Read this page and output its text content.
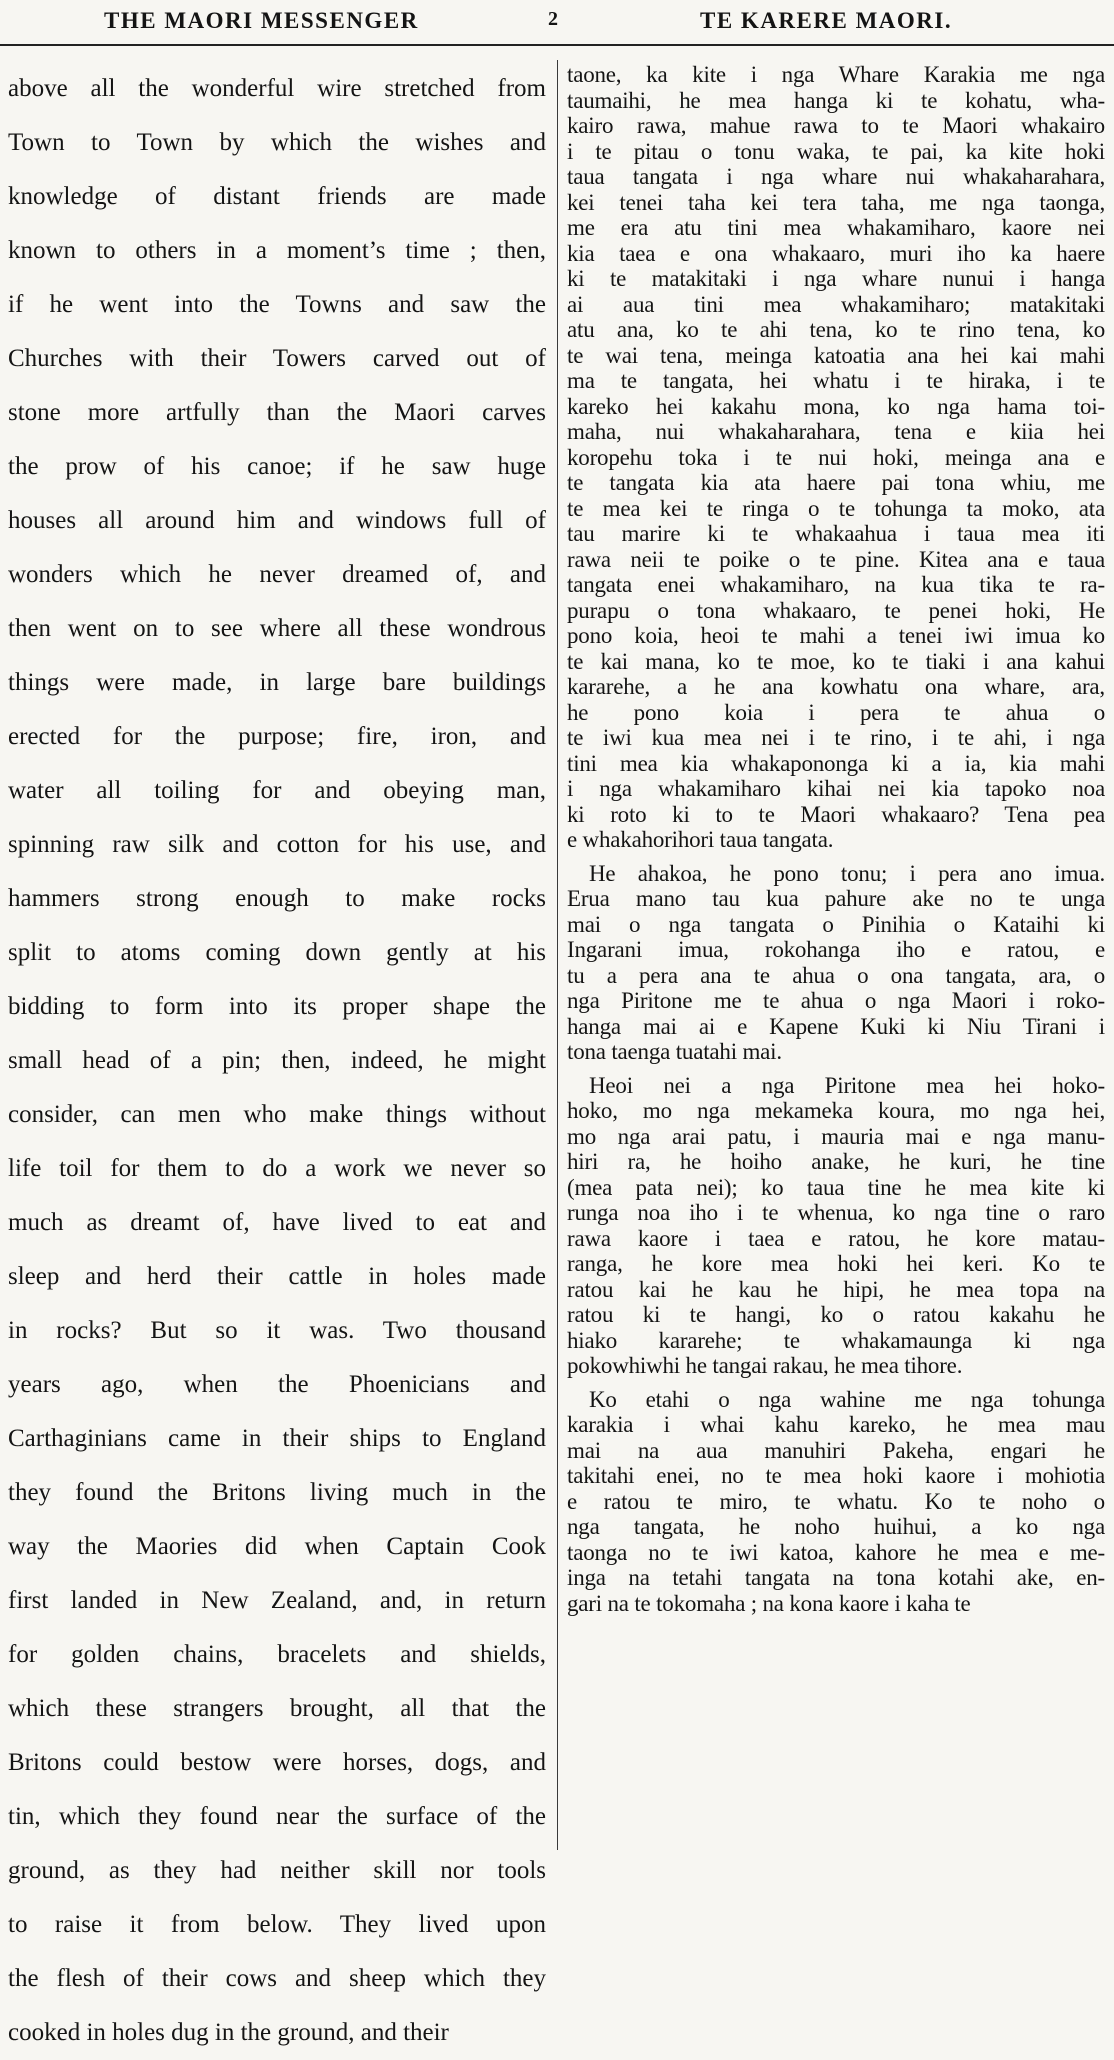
THE MAORI MESSENGER	2	TE KARERE MAORI.
above all the wonderful wire stretched from
Town to Town by which the wishes and
knowledge of distant friends are made
known to others in a moment’s time ; then,
if he went into the Towns and saw the
Churches with their Towers carved out of
stone more artfully than the Maori carves
the prow of his canoe; if he saw huge
houses all around him and windows full of
wonders which he never dreamed of, and
then went on to see where all these wondrous
things were made, in large bare buildings
erected for the purpose; fire, iron, and
water all toiling for and obeying man,
spinning raw silk and cotton for his use, and
hammers strong enough to make rocks
split to atoms coming down gently at his
bidding to form into its proper shape the
small head of a pin; then, indeed, he might
consider, can men who make things without
life toil for them to do a work we never so
much as dreamt of, have lived to eat and
sleep and herd their cattle in holes made
in rocks? But so it was. Two thousand
years ago, when the Phoenicians and
Carthaginians came in their ships to England
they found the Britons living much in the
way the Maories did when Captain Cook
first landed in New Zealand, and, in return
for golden chains, bracelets and shields,
which these strangers brought, all that the
Britons could bestow were horses, dogs, and
tin, which they found near the surface of the
ground, as they had neither skill nor tools
to raise it from below. They lived upon
the flesh of their cows and sheep which they
cooked in holes dug in the ground, and their
taone, ka kite i nga Whare Karakia me nga
taumaihi, he mea hanga ki te kohatu, wha-
kairo rawa, mahue rawa to te Maori whakairo
i te pitau o tonu waka, te pai, ka kite hoki
taua tangata i nga whare nui whakaharahara,
kei tenei taha kei tera taha, me nga taonga,
me era atu tini mea whakamiharo, kaore nei
kia taea e ona whakaaro, muri iho ka haere
ki te matakitaki i nga whare nunui i hanga
ai aua tini mea whakamiharo; matakitaki
atu ana, ko te ahi tena, ko te rino tena, ko
te wai tena, meinga katoatia ana hei kai mahi
ma te tangata, hei whatu i te hiraka, i te
kareko hei kakahu mona, ko nga hama toi-
maha, nui whakaharahara, tena e kiia hei
koropehu toka i te nui hoki, meinga ana e
te tangata kia ata haere pai tona whiu, me
te mea kei te ringa o te tohunga ta moko, ata
tau marire ki te whakaahua i taua mea iti
rawa neii te poike o te pine. Kitea ana e taua
tangata enei whakamiharo, na kua tika te ra-
purapu o tona whakaaro, te penei hoki, He
pono koia, heoi te mahi a tenei iwi imua ko
te kai mana, ko te moe, ko te tiaki i ana kahui
kararehe, a he ana kowhatu ona whare, ara,
he pono koia i pera te ahua o
te iwi kua mea nei i te rino, i te ahi, i nga
tini mea kia whakapononga ki a ia, kia mahi
i nga whakamiharo kihai nei kia tapoko noa
ki roto ki to te Maori whakaaro? Tena pea
e whakahorihori taua tangata.
He ahakoa, he pono tonu; i pera ano imua.
Erua mano tau kua pahure ake no te unga
mai o nga tangata o Pinihia o Kataihi ki
Ingarani imua, rokohanga iho e ratou, e
tu a pera ana te ahua o ona tangata, ara, o
nga Piritone me te ahua o nga Maori i roko-
hanga mai ai e Kapene Kuki ki Niu Tirani i
tona taenga tuatahi mai.
Heoi nei a nga Piritone mea hei hoko-
hoko, mo nga mekameka koura, mo nga hei,
mo nga arai patu, i mauria mai e nga manu-
hiri ra, he hoiho anake, he kuri, he tine
(mea pata nei); ko taua tine he mea kite ki
runga noa iho i te whenua, ko nga tine o raro
rawa kaore i taea e ratou, he kore matau-
ranga, he kore mea hoki hei keri. Ko te
ratou kai he kau he hipi, he mea topa na
ratou ki te hangi, ko o ratou kakahu he
hiako kararehe; te whakamaunga ki nga
pokowhiwhi he tangai rakau, he mea tihore.
Ko etahi o nga wahine me nga tohunga
karakia i whai kahu kareko, he mea mau
mai na aua manuhiri Pakeha, engari he
takitahi enei, no te mea hoki kaore i mohiotia
e ratou te miro, te whatu. Ko te noho o
nga tangata, he noho huihui, a ko nga
taonga no te iwi katoa, kahore he mea e me-
inga na tetahi tangata na tona kotahi ake, en-
gari na te tokomaha ; na kona kaore i kaha te
